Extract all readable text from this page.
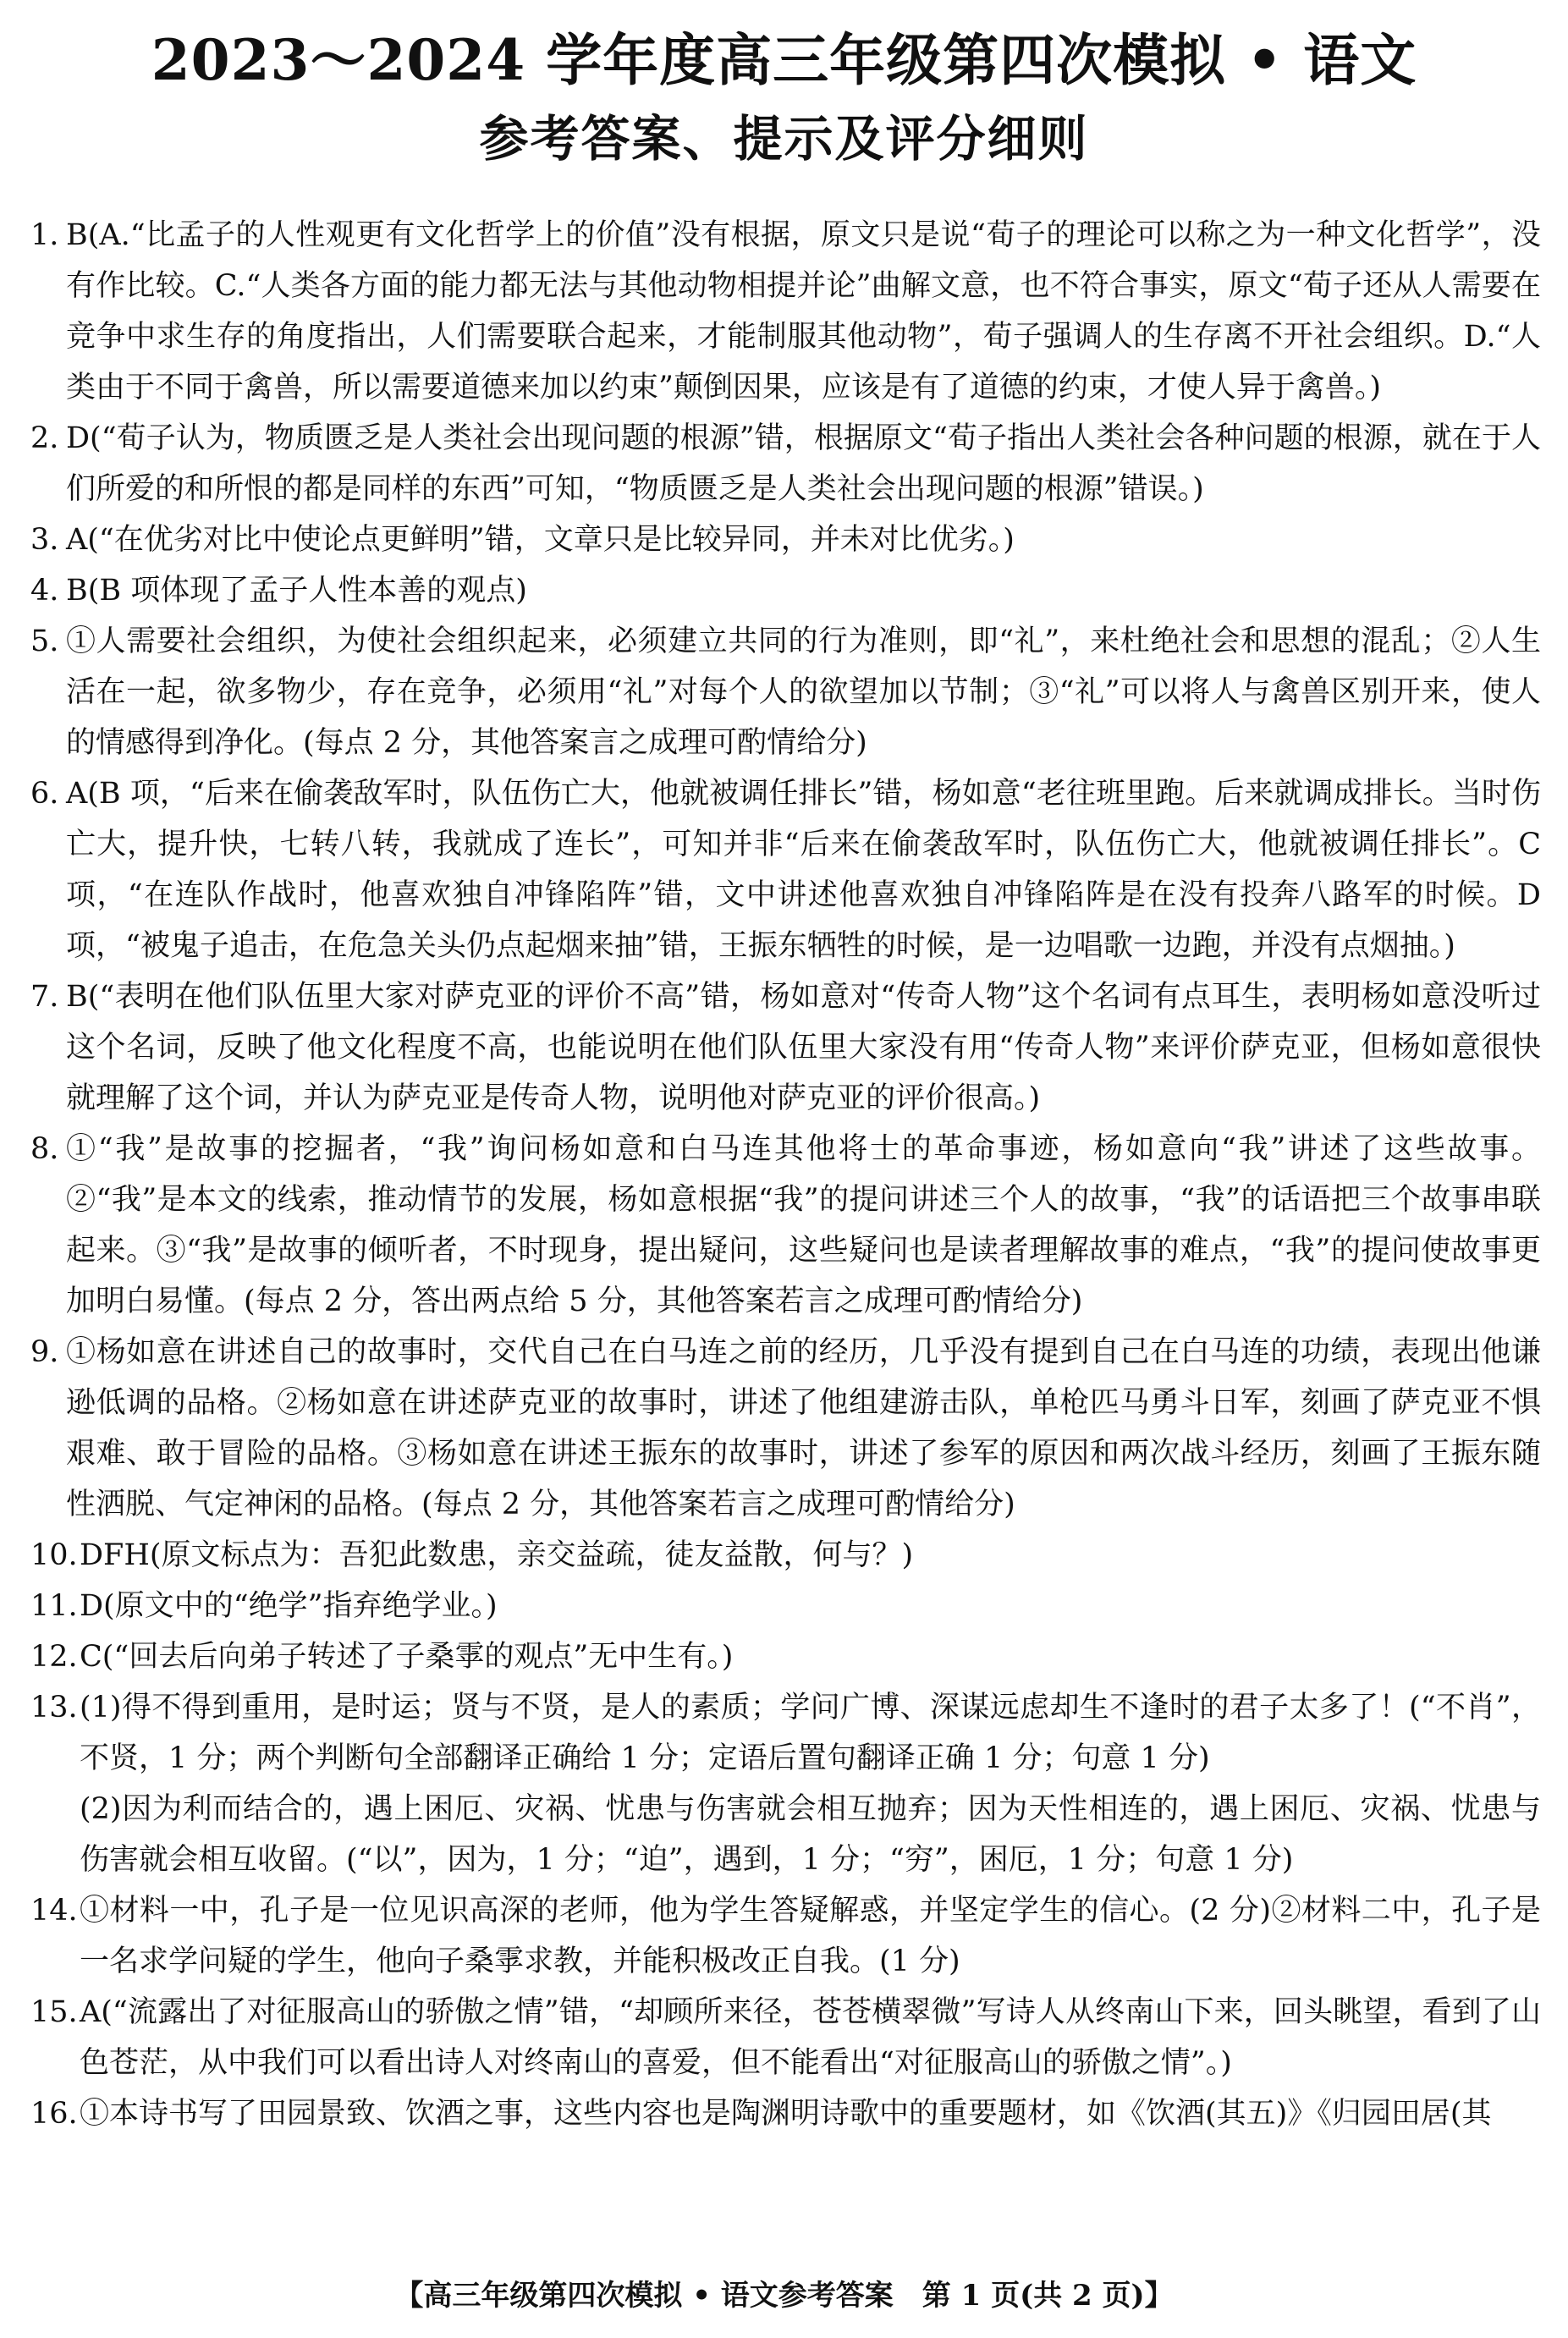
2023～2024 学年度高三年级第四次模拟 • 语文
参考答案、提示及评分细则
1. B(A.“比孟子的人性观更有文化哲学上的价值”没有根据，原文只是说“荀子的理论可以称之为一种文化哲学”，没有作比较。C.“人类各方面的能力都无法与其他动物相提并论”曲解文意，也不符合事实，原文“荀子还从人需要在竞争中求生存的角度指出，人们需要联合起来，才能制服其他动物”，荀子强调人的生存离不开社会组织。D.“人类由于不同于禽兽，所以需要道德来加以约束”颠倒因果，应该是有了道德的约束，才使人异于禽兽。)
2. D(“荀子认为，物质匮乏是人类社会出现问题的根源”错，根据原文“荀子指出人类社会各种问题的根源，就在于人们所爱的和所恨的都是同样的东西”可知，“物质匮乏是人类社会出现问题的根源”错误。)
3. A(“在优劣对比中使论点更鲜明”错，文章只是比较异同，并未对比优劣。)
4. B(B 项体现了孟子人性本善的观点)
5. ①人需要社会组织，为使社会组织起来，必须建立共同的行为准则，即“礼”，来杜绝社会和思想的混乱；②人生活在一起，欲多物少，存在竞争，必须用“礼”对每个人的欲望加以节制；③“礼”可以将人与禽兽区别开来，使人的情感得到净化。(每点 2 分，其他答案言之成理可酌情给分)
6. A(B 项，“后来在偷袭敌军时，队伍伤亡大，他就被调任排长”错，杨如意“老往班里跑。后来就调成排长。当时伤亡大，提升快，七转八转，我就成了连长”，可知并非“后来在偷袭敌军时，队伍伤亡大，他就被调任排长”。C 项，“在连队作战时，他喜欢独自冲锋陷阵”错，文中讲述他喜欢独自冲锋陷阵是在没有投奔八路军的时候。D 项，“被鬼子追击，在危急关头仍点起烟来抽”错，王振东牺牲的时候，是一边唱歌一边跑，并没有点烟抽。)
7. B(“表明在他们队伍里大家对萨克亚的评价不高”错，杨如意对“传奇人物”这个名词有点耳生，表明杨如意没听过这个名词，反映了他文化程度不高，也能说明在他们队伍里大家没有用“传奇人物”来评价萨克亚，但杨如意很快就理解了这个词，并认为萨克亚是传奇人物，说明他对萨克亚的评价很高。)
8. ①“我”是故事的挖掘者，“我”询问杨如意和白马连其他将士的革命事迹，杨如意向“我”讲述了这些故事。②“我”是本文的线索，推动情节的发展，杨如意根据“我”的提问讲述三个人的故事，“我”的话语把三个故事串联起来。③“我”是故事的倾听者，不时现身，提出疑问，这些疑问也是读者理解故事的难点，“我”的提问使故事更加明白易懂。(每点 2 分，答出两点给 5 分，其他答案若言之成理可酌情给分)
9. ①杨如意在讲述自己的故事时，交代自己在白马连之前的经历，几乎没有提到自己在白马连的功绩，表现出他谦逊低调的品格。②杨如意在讲述萨克亚的故事时，讲述了他组建游击队，单枪匹马勇斗日军，刻画了萨克亚不惧艰难、敢于冒险的品格。③杨如意在讲述王振东的故事时，讲述了参军的原因和两次战斗经历，刻画了王振东随性洒脱、气定神闲的品格。(每点 2 分，其他答案若言之成理可酌情给分)
10. DFH(原文标点为：吾犯此数患，亲交益疏，徒友益散，何与？)
11. D(原文中的“绝学”指弃绝学业。)
12. C(“回去后向弟子转述了子桑雽的观点”无中生有。)
13. (1)得不得到重用，是时运；贤与不贤，是人的素质；学问广博、深谋远虑却生不逢时的君子太多了！(“不肖”，不贤，1 分；两个判断句全部翻译正确给 1 分；定语后置句翻译正确 1 分；句意 1 分)
(2)因为利而结合的，遇上困厄、灾祸、忧患与伤害就会相互抛弃；因为天性相连的，遇上困厄、灾祸、忧患与伤害就会相互收留。(“以”，因为，1 分；“迫”，遇到，1 分；“穷”，困厄，1 分；句意 1 分)
14. ①材料一中，孔子是一位见识高深的老师，他为学生答疑解惑，并坚定学生的信心。(2 分)②材料二中，孔子是一名求学问疑的学生，他向子桑雽求教，并能积极改正自我。(1 分)
15. A(“流露出了对征服高山的骄傲之情”错，“却顾所来径，苍苍横翠微”写诗人从终南山下来，回头眺望，看到了山色苍茫，从中我们可以看出诗人对终南山的喜爱，但不能看出“对征服高山的骄傲之情”。)
16. ①本诗书写了田园景致、饮酒之事，这些内容也是陶渊明诗歌中的重要题材，如《饮酒(其五)》《归园田居(其
【高三年级第四次模拟 • 语文参考答案　第 1 页(共 2 页)】
